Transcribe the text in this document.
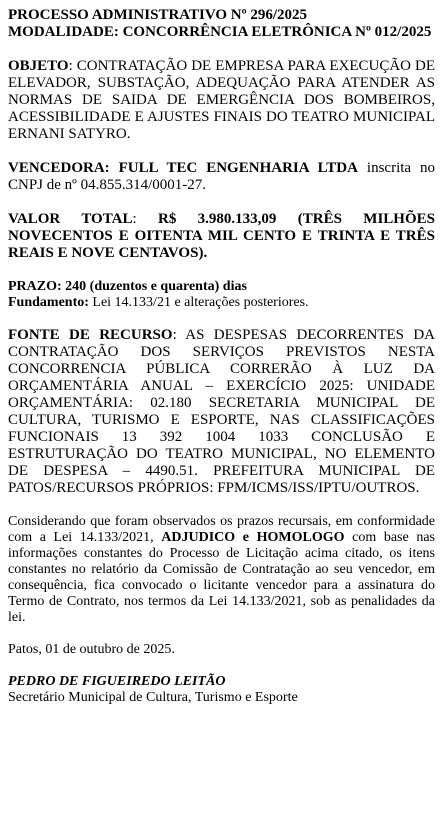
PROCESSO ADMINISTRATIVO Nº 296/2025
MODALIDADE: CONCORRÊNCIA ELETRÔNICA Nº 012/2025

OBJETO: CONTRATAÇÃO DE EMPRESA PARA EXECUÇÃO DE ELEVADOR, SUBSTAÇÃO, ADEQUAÇÃO PARA ATENDER AS NORMAS DE SAIDA DE EMERGÊNCIA DOS BOMBEIROS, ACESSIBILIDADE E AJUSTES FINAIS DO TEATRO MUNICIPAL ERNANI SATYRO.

VENCEDORA: FULL TEC ENGENHARIA LTDA inscrita no CNPJ de nº 04.855.314/0001-27.

VALOR TOTAL: R$ 3.980.133,09 (TRÊS MILHÕES NOVECENTOS E OITENTA MIL CENTO E TRINTA E TRÊS REAIS E NOVE CENTAVOS).

PRAZO: 240 (duzentos e quarenta) dias
Fundamento: Lei 14.133/21 e alterações posteriores.

FONTE DE RECURSO: AS DESPESAS DECORRENTES DA CONTRATAÇÃO DOS SERVIÇOS PREVISTOS NESTA CONCORRENCIA PÚBLICA CORRERÃO À LUZ DA ORÇAMENTÁRIA ANUAL – EXERCÍCIO 2025: UNIDADE ORÇAMENTÁRIA: 02.180 SECRETARIA MUNICIPAL DE CULTURA, TURISMO E ESPORTE, NAS CLASSIFICAÇÕES FUNCIONAIS 13 392 1004 1033 CONCLUSÃO E ESTRUTURAÇÃO DO TEATRO MUNICIPAL, NO ELEMENTO DE DESPESA – 4490.51. PREFEITURA MUNICIPAL DE PATOS/RECURSOS PRÓPRIOS: FPM/ICMS/ISS/IPTU/OUTROS.

Considerando que foram observados os prazos recursais, em conformidade com a Lei 14.133/2021, ADJUDICO e HOMOLOGO com base nas informações constantes do Processo de Licitação acima citado, os itens constantes no relatório da Comissão de Contratação ao seu vencedor, em consequência, fica convocado o licitante vencedor para a assinatura do Termo de Contrato, nos termos da Lei 14.133/2021, sob as penalidades da lei.

Patos, 01 de outubro de 2025.

PEDRO DE FIGUEIREDO LEITÃO
Secretário Municipal de Cultura, Turismo e Esporte
